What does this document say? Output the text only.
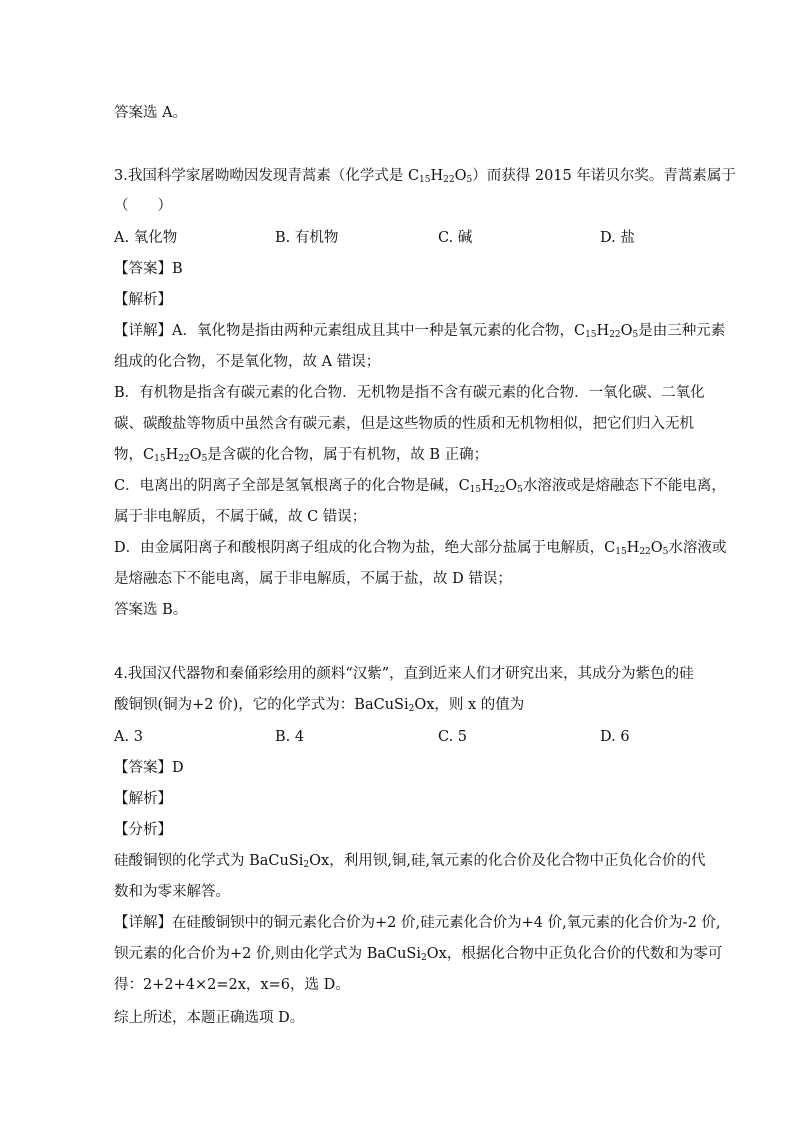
答案选 A。
3.我国科学家屠呦呦因发现青蒿素（化学式是 $C_{15}H_{22}O_5$）而获得 2015 年诺贝尔奖。青蒿素属于
（　　）
A. 氧化物	B. 有机物	C. 碱	D. 盐
【答案】B
【解析】
【详解】A．氧化物是指由两种元素组成且其中一种是氧元素的化合物，$C_{15}H_{22}O_5$是由三种元素
组成的化合物，不是氧化物，故 A 错误；
B．有机物是指含有碳元素的化合物．无机物是指不含有碳元素的化合物．一氧化碳、二氧化
碳、碳酸盐等物质中虽然含有碳元素，但是这些物质的性质和无机物相似，把它们归入无机
物，$C_{15}H_{22}O_5$是含碳的化合物，属于有机物，故 B 正确；
C．电离出的阴离子全部是氢氧根离子的化合物是碱，$C_{15}H_{22}O_5$水溶液或是熔融态下不能电离，
属于非电解质，不属于碱，故 C 错误；
D．由金属阳离子和酸根阴离子组成的化合物为盐，绝大部分盐属于电解质，$C_{15}H_{22}O_5$水溶液或
是熔融态下不能电离，属于非电解质，不属于盐，故 D 错误；
答案选 B。
4.我国汉代器物和秦俑彩绘用的颜料“汉紫”，直到近来人们才研究出来，其成分为紫色的硅
酸铜钡(铜为+2 价)，它的化学式为：BaCuSi$_2$Ox，则 x 的值为
A. 3	B. 4	C. 5	D. 6
【答案】D
【解析】
【分析】
硅酸铜钡的化学式为 BaCuSi$_2$Ox，利用钡,铜,硅,氧元素的化合价及化合物中正负化合价的代
数和为零来解答。
【详解】在硅酸铜钡中的铜元素化合价为+2 价,硅元素化合价为+4 价,氧元素的化合价为-2 价,
钡元素的化合价为+2 价,则由化学式为 BaCuSi$_2$Ox，根据化合物中正负化合价的代数和为零可
得：2+2+4×2=2x，x=6，选 D。
综上所述，本题正确选项 D。
